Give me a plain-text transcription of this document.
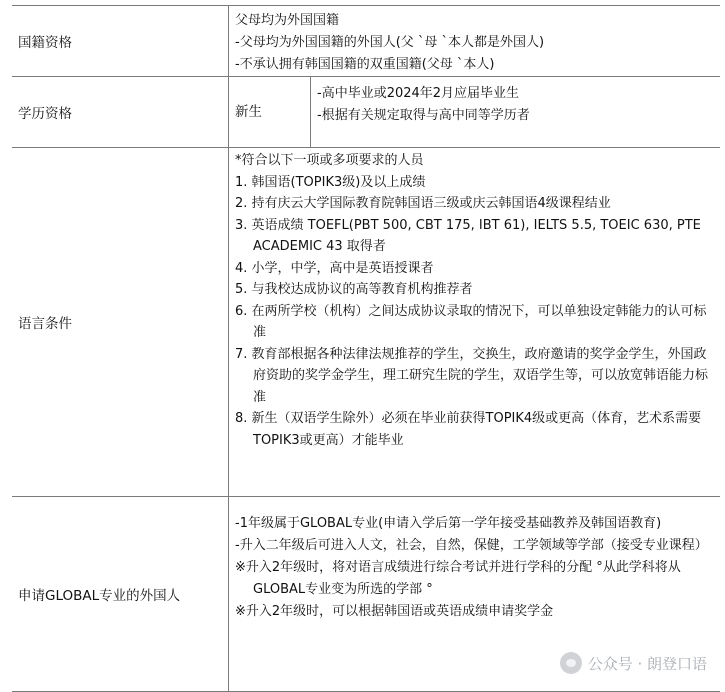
国籍资格
父母均为外国国籍
-父母均为外国国籍的外国人(父 `母 `本人都是外国人)
-不承认拥有韩国国籍的双重国籍(父母 `本人)
学历资格	新生
-高中毕业或2024年2月应届毕业生
-根据有关规定取得与高中同等学历者
语言条件
*符合以下一项或多项要求的人员
1. 韩国语(TOPIK3级)及以上成绩
2. 持有庆云大学国际教育院韩国语三级或庆云韩国语4级课程结业
3. 英语成绩 TOEFL(PBT 500, CBT 175, IBT 61), IELTS 5.5, TOEIC 630, PTE ACADEMIC 43 取得者
4. 小学，中学，高中是英语授课者
5. 与我校达成协议的高等教育机构推荐者
6. 在两所学校（机构）之间达成协议录取的情况下，可以单独设定韩能力的认可标准
7. 教育部根据各种法律法规推荐的学生，交换生，政府邀请的奖学金学生，外国政府资助的奖学金学生，理工研究生院的学生，双语学生等，可以放宽韩语能力标准
8. 新生（双语学生除外）必须在毕业前获得TOPIK4级或更高（体育，艺术系需要TOPIK3或更高）才能毕业
申请GLOBAL专业的外国人
-1年级属于GLOBAL专业(申请入学后第一学年接受基础教养及韩国语教育)
-升入二年级后可进入人文，社会，自然，保健，工学领域等学部（接受专业课程）
※升入2年级时，将对语言成绩进行综合考试并进行学科的分配 °从此学科将从GLOBAL专业变为所选的学部 °
※升入2年级时，可以根据韩国语或英语成绩申请奖学金
公众号 · 朗登口语
